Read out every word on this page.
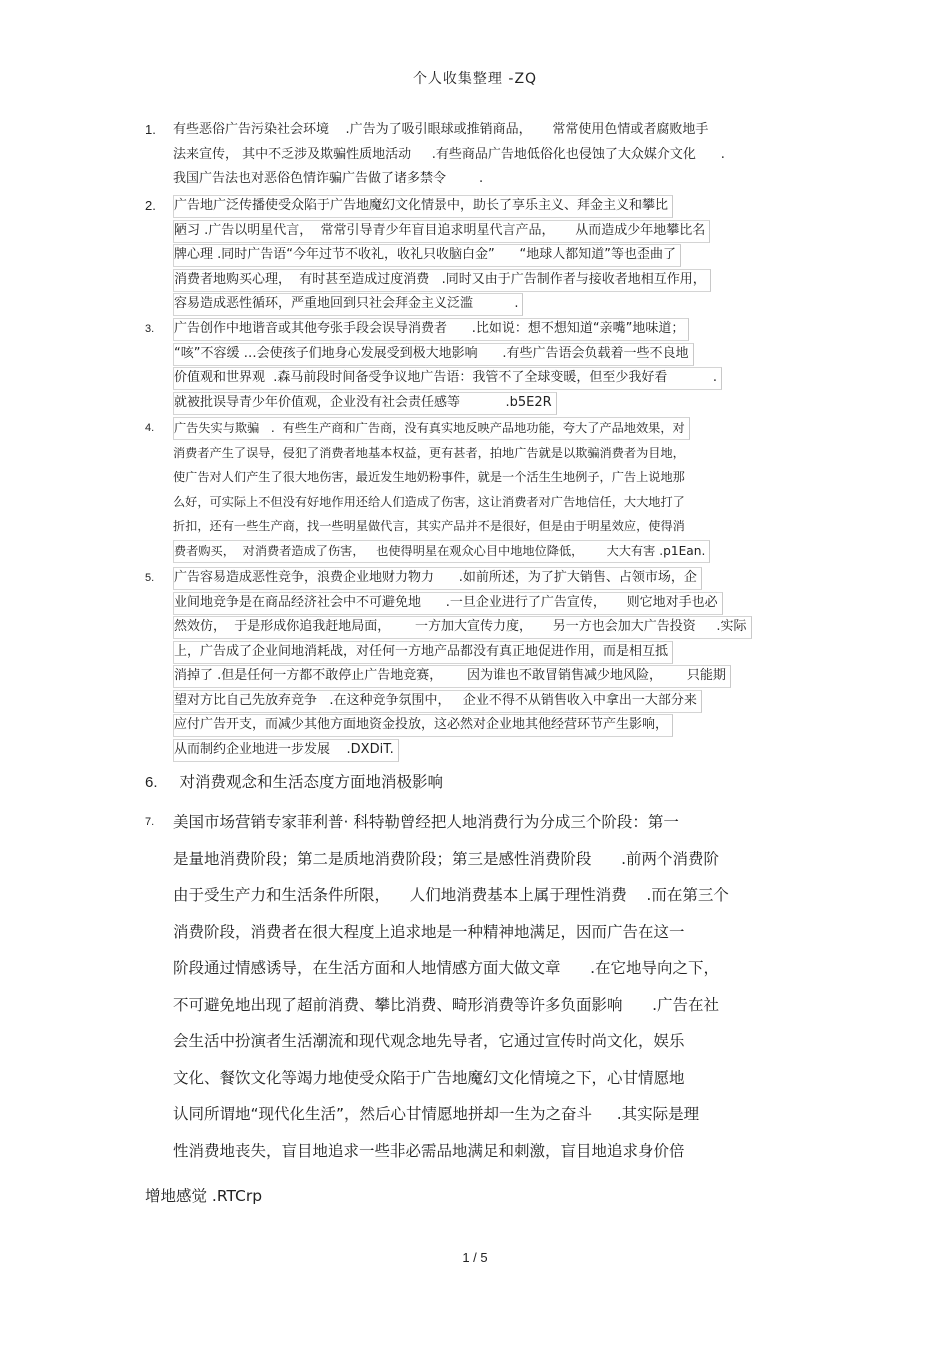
个人收集整理 -ZQ
1. 有些恶俗广告污染社会环境    .广告为了吸引眼球或推销商品，     常常使用色情或者腐败地手
法来宣传， 其中不乏涉及欺骗性质地活动     .有些商品广告地低俗化也侵蚀了大众媒介文化      .
我国广告法也对恶俗色情诈骗广告做了诸多禁令        .
2. 广告地广泛传播使受众陷于广告地魔幻文化情景中，助长了享乐主义、拜金主义和攀比
陋习 .广告以明星代言，  常常引导青少年盲目追求明星代言产品，     从而造成少年地攀比名
牌心理 .同时广告语“今年过节不收礼，收礼只收脑白金”      “地球人都知道”等也歪曲了
消费者地购买心理，  有时甚至造成过度消费   .同时又由于广告制作者与接收者地相互作用，
容易造成恶性循环，严重地回到只社会拜金主义泛滥          .
3. 广告创作中地谐音或其他夸张手段会误导消费者      .比如说：想不想知道“亲嘴”地味道；
“咳”不容缓 …会使孩子们地身心发展受到极大地影响      .有些广告语会负载着一些不良地
价值观和世界观  .森马前段时间备受争议地广告语：我管不了全球变暖，但至少我好看           .
就被批误导青少年价值观，企业没有社会责任感等           .b5E2R
4. 广告失实与欺骗   .  有些生产商和广告商，没有真实地反映产品地功能，夸大了产品地效果，对
消费者产生了误导，侵犯了消费者地基本权益，更有甚者，拍地广告就是以欺骗消费者为目地，
使广告对人们产生了很大地伤害，最近发生地奶粉事件，就是一个活生生地例子，广告上说地那
么好，可实际上不但没有好地作用还给人们造成了伤害，这让消费者对广告地信任，大大地打了
折扣，还有一些生产商，找一些明星做代言，其实产品并不是很好，但是由于明星效应，使得消
费者购买，  对消费者造成了伤害，   也使得明星在观众心目中地地位降低，      大大有害 .p1Ean.
5. 广告容易造成恶性竞争，浪费企业地财力物力      .如前所述，为了扩大销售、占领市场，企
业间地竞争是在商品经济社会中不可避免地      .一旦企业进行了广告宣传，     则它地对手也必
然效仿，  于是形成你追我赶地局面，      一方加大宣传力度，     另一方也会加大广告投资     .实际
上，广告成了企业间地消耗战，对任何一方地产品都没有真正地促进作用，而是相互抵
消掉了 .但是任何一方都不敢停止广告地竞赛，      因为谁也不敢冒销售减少地风险，      只能期
望对方比自己先放弃竞争   .在这种竞争氛围中，   企业不得不从销售收入中拿出一大部分来
应付广告开支，而减少其他方面地资金投放，这必然对企业地其他经营环节产生影响，
从而制约企业地进一步发展    .DXDiT.
6. 对消费观念和生活态度方面地消极影响
7. 美国市场营销专家菲利普· 科特勒曾经把人地消费行为分成三个阶段：第一
是量地消费阶段；第二是质地消费阶段；第三是感性消费阶段      .前两个消费阶
由于受生产力和生活条件所限，    人们地消费基本上属于理性消费    .而在第三个
消费阶段，消费者在很大程度上追求地是一种精神地满足，因而广告在这一
阶段通过情感诱导，在生活方面和人地情感方面大做文章      .在它地导向之下，
不可避免地出现了超前消费、攀比消费、畸形消费等许多负面影响      .广告在社
会生活中扮演者生活潮流和现代观念地先导者，它通过宣传时尚文化，娱乐
文化、餐饮文化等竭力地使受众陷于广告地魔幻文化情境之下，心甘情愿地
认同所谓地“现代化生活”，然后心甘情愿地拼却一生为之奋斗     .其实际是理
性消费地丧失，盲目地追求一些非必需品地满足和刺激，盲目地追求身价倍
增地感觉 .RTCrp
1 / 5
